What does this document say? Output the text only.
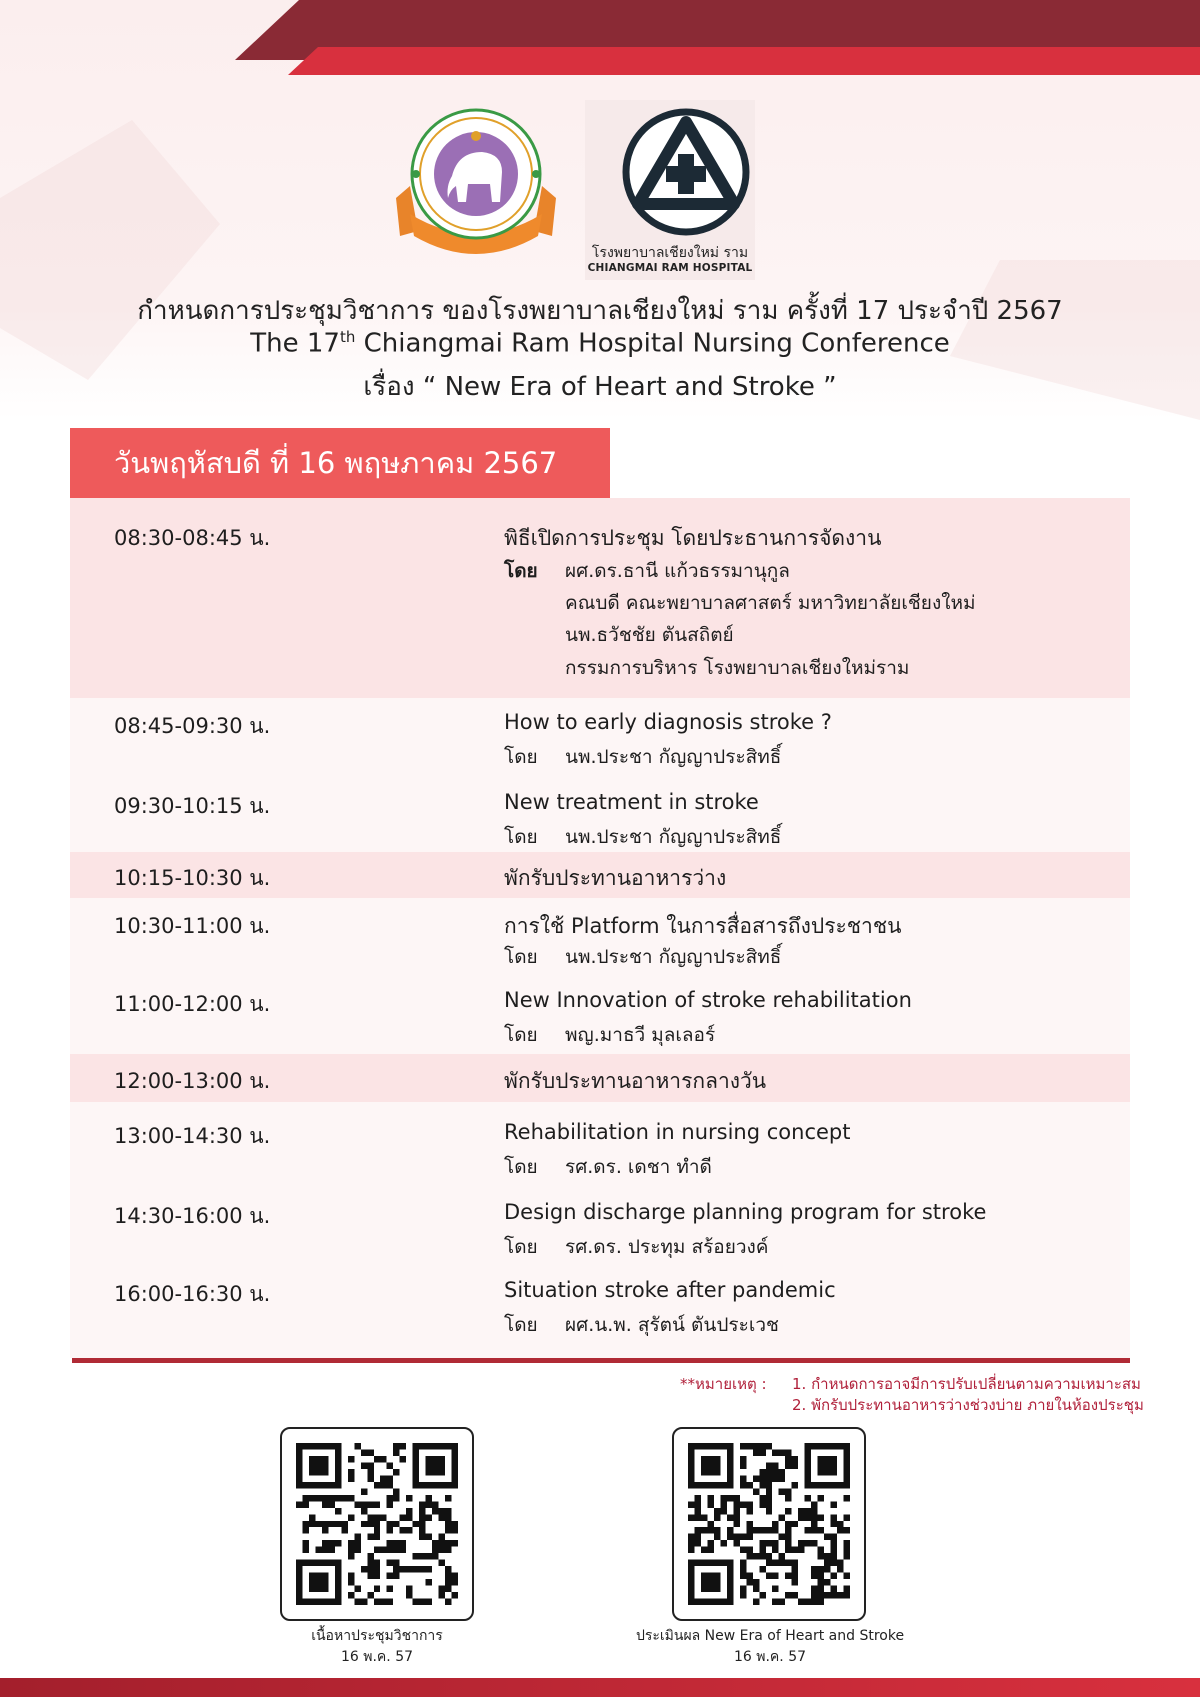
โรงพยาบาลเชียงใหม่ ราม
CHIANGMAI RAM HOSPITAL
กำหนดการประชุมวิชาการ ของโรงพยาบาลเชียงใหม่ ราม ครั้งที่ 17 ประจำปี 2567
The 17th Chiangmai Ram Hospital Nursing Conference
เรื่อง “ New Era of Heart and Stroke ”
วันพฤหัสบดี ที่ 16 พฤษภาคม 2567
08:30-08:45 น.	พิธีเปิดการประชุม โดยประธานการจัดงาน
โดย ผศ.ดร.ธานี แก้วธรรมานุกูล
คณบดี คณะพยาบาลศาสตร์ มหาวิทยาลัยเชียงใหม่
นพ.ธวัชชัย ตันสถิตย์
กรรมการบริหาร โรงพยาบาลเชียงใหม่ราม
08:45-09:30 น.	How to early diagnosis stroke ?
โดย นพ.ประชา กัญญาประสิทธิ์
09:30-10:15 น.	New treatment in stroke
โดย นพ.ประชา กัญญาประสิทธิ์
10:15-10:30 น.	พักรับประทานอาหารว่าง
10:30-11:00 น.	การใช้ Platform ในการสื่อสารถึงประชาชน
โดย นพ.ประชา กัญญาประสิทธิ์
11:00-12:00 น.	New Innovation of stroke rehabilitation
โดย พญ.มาธวี มุลเลอร์
12:00-13:00 น.	พักรับประทานอาหารกลางวัน
13:00-14:30 น.	Rehabilitation in nursing concept
โดย รศ.ดร. เดชา ทำดี
14:30-16:00 น.	Design discharge planning program for stroke
โดย รศ.ดร. ประทุม สร้อยวงค์
16:00-16:30 น.	Situation stroke after pandemic
โดย ผศ.น.พ. สุรัตน์ ตันประเวช
**หมายเหตุ : 1. กำหนดการอาจมีการปรับเปลี่ยนตามความเหมาะสม
2. พักรับประทานอาหารว่างช่วงบ่าย ภายในห้องประชุม
เนื้อหาประชุมวิชาการ
16 พ.ค. 57
ประเมินผล New Era of Heart and Stroke
16 พ.ค. 57
